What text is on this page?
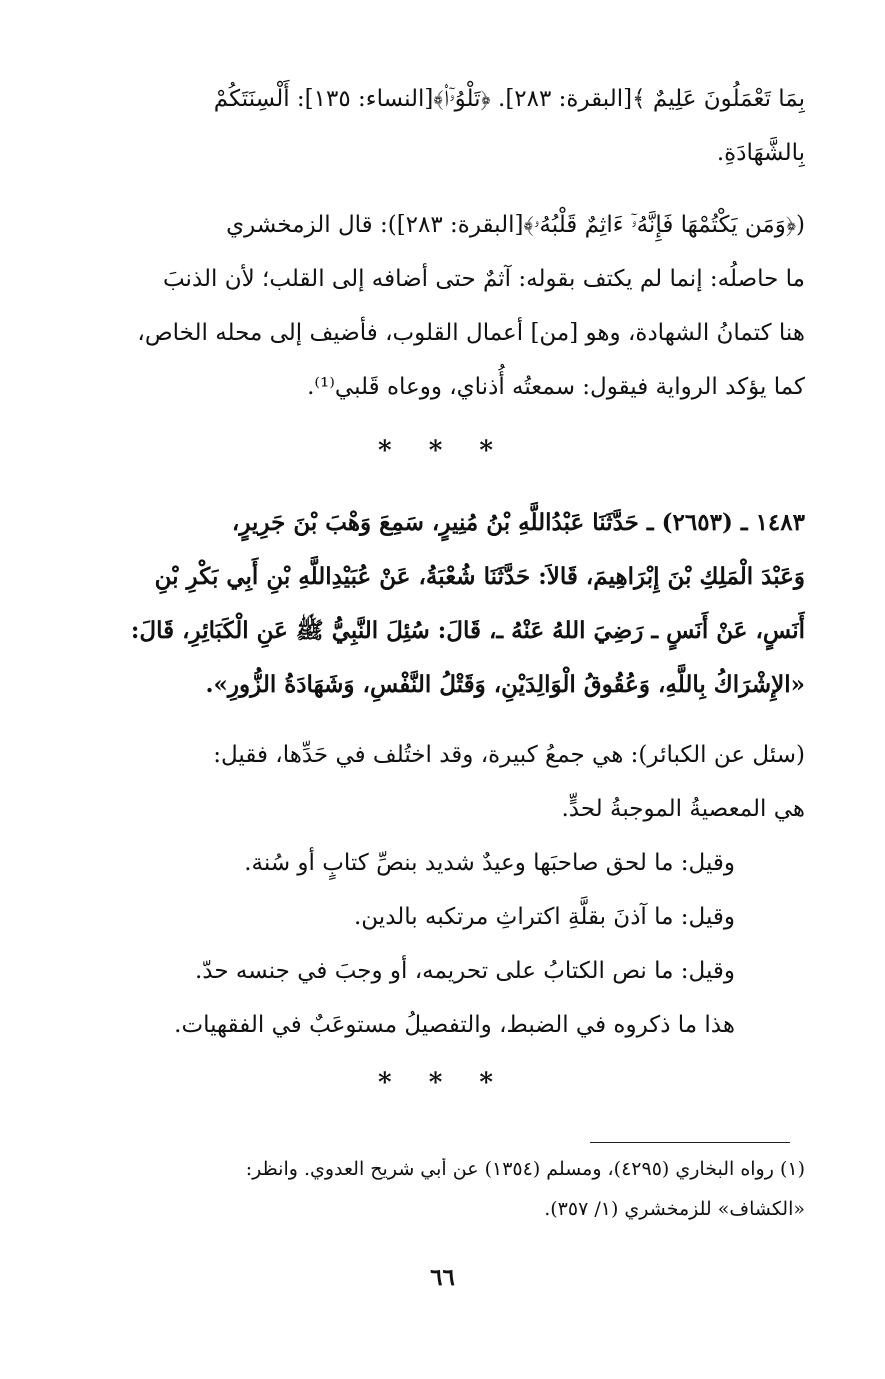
بِمَا تَعْمَلُونَ عَلِيمٌ ﴾[البقرة: ٢٨٣]. ﴿تَلْوُۥٓا۟﴾[النساء: ١٣٥]: أَلْسِنَتَكُمْ
بِالشَّهَادَةِ.
(﴿وَمَن يَكْتُمْهَا فَإِنَّهُۥٓ ءَاثِمٌ قَلْبُهُۥ﴾[البقرة: ٢٨٣]): قال الزمخشري
ما حاصلُه: إنما لم يكتف بقوله: آثمٌ حتى أضافه إلى القلب؛ لأن الذنبَ
هنا كتمانُ الشهادة، وهو [من] أعمال القلوب، فأضيف إلى محله الخاص،
كما يؤكد الرواية فيقول: سمعتُه أُذناي، ووعاه قَلبي⁽¹⁾.
* * *
١٤٨٣ ـ (٢٦٥٣) ـ حَدَّثَنَا عَبْدُاللَّهِ بْنُ مُنِيرٍ، سَمِعَ وَهْبَ بْنَ جَرِيرٍ،
وَعَبْدَ الْمَلِكِ بْنَ إِبْرَاهِيمَ، قَالاَ: حَدَّثَنَا شُعْبَةُ، عَنْ عُبَيْدِاللَّهِ بْنِ أَبِي بَكْرِ بْنِ
أَنَسٍ، عَنْ أَنَسٍ ـ رَضِيَ اللهُ عَنْهُ ـ، قَالَ: سُئِلَ النَّبِيُّ ﷺ عَنِ الْكَبَائِرِ، قَالَ:
«الإِشْرَاكُ بِاللَّهِ، وَعُقُوقُ الْوَالِدَيْنِ، وَقَتْلُ النَّفْسِ، وَشَهَادَةُ الزُّورِ».
(سئل عن الكبائر): هي جمعُ كبيرة، وقد اختُلف في حَدِّها، فقيل:
هي المعصيةُ الموجبةُ لحدٍّ.
وقيل: ما لحق صاحبَها وعيدٌ شديد بنصِّ كتابٍ أو سُنة.
وقيل: ما آذنَ بقلَّةِ اكتراثِ مرتكبه بالدين.
وقيل: ما نص الكتابُ على تحريمه، أو وجبَ في جنسه حدّ.
هذا ما ذكروه في الضبط، والتفصيلُ مستوعَبٌ في الفقهيات.
* * *
(١) رواه البخاري (٤٢٩٥)، ومسلم (١٣٥٤) عن أبي شريح العدوي. وانظر:
«الكشاف» للزمخشري (١/ ٣٥٧).
٦٦
